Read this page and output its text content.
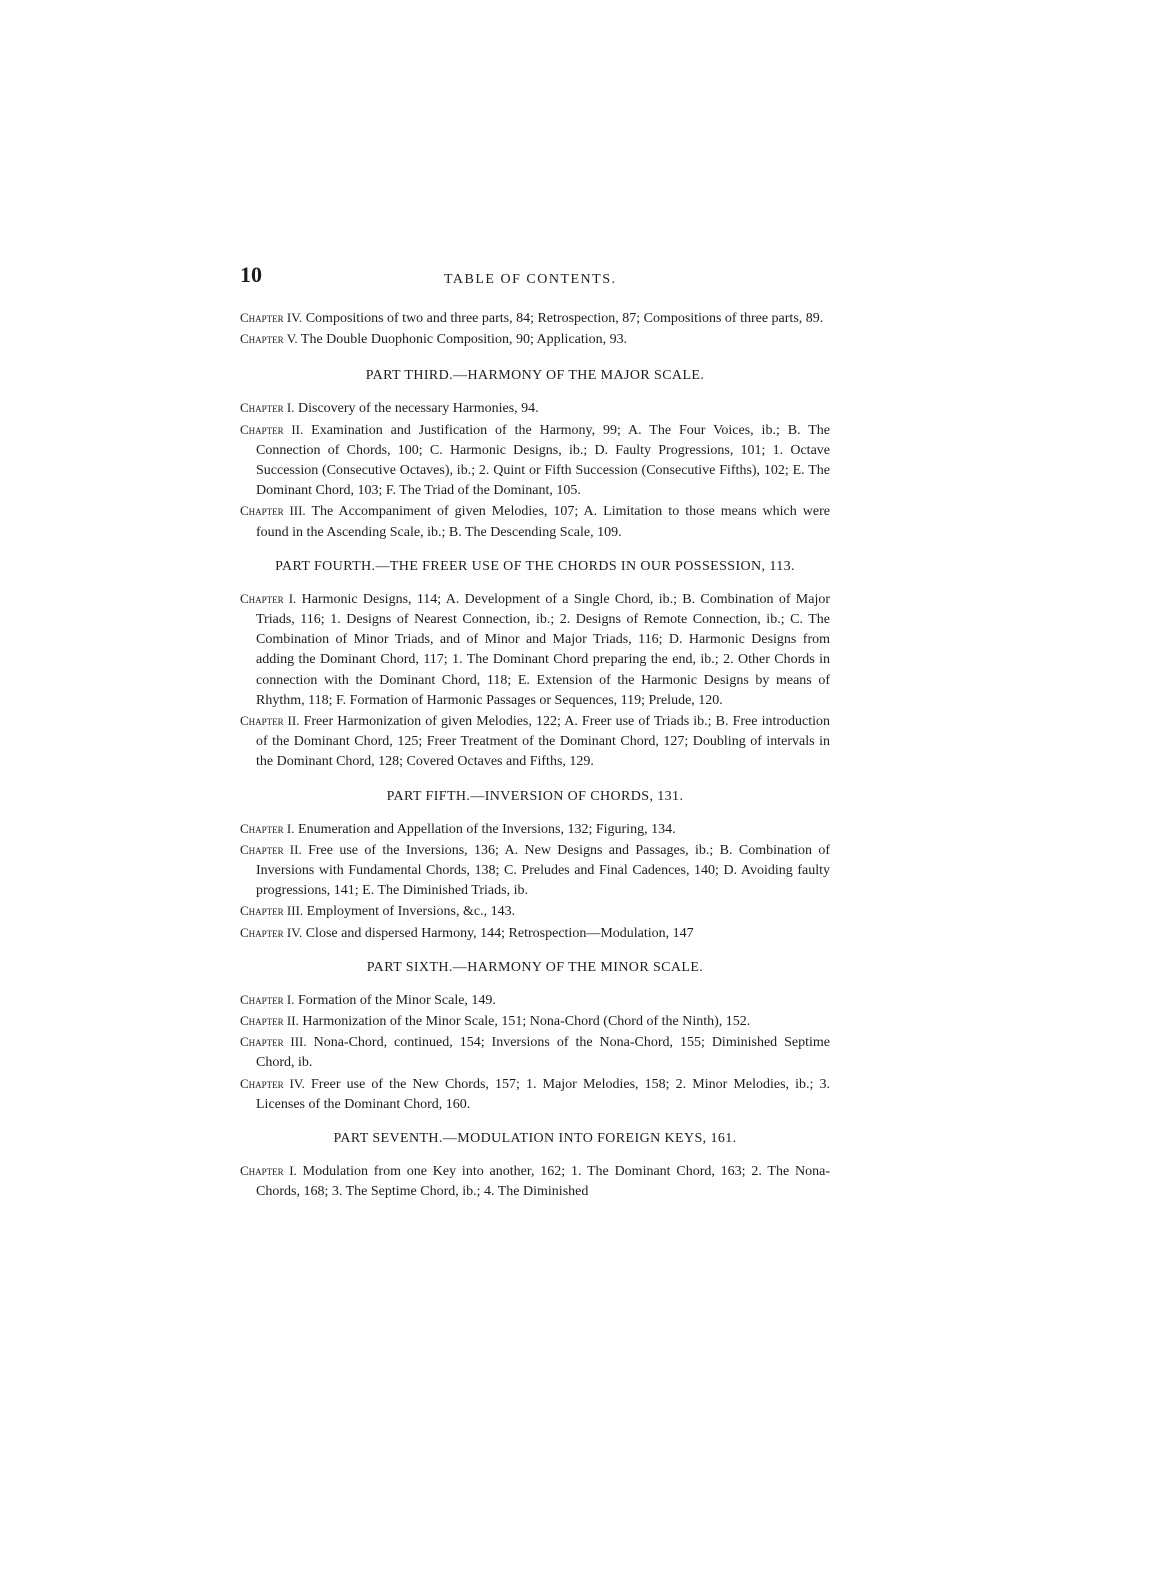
10	TABLE OF CONTENTS.
Chapter IV. Compositions of two and three parts, 84; Retrospection, 87; Compositions of three parts, 89.
Chapter V. The Double Duophonic Composition, 90; Application, 93.
PART THIRD.—HARMONY OF THE MAJOR SCALE.
Chapter I. Discovery of the necessary Harmonies, 94.
Chapter II. Examination and Justification of the Harmony, 99; A. The Four Voices, ib.; B. The Connection of Chords, 100; C. Harmonic Designs, ib.; D. Faulty Progressions, 101; 1. Octave Succession (Consecutive Octaves), ib.; 2. Quint or Fifth Succession (Consecutive Fifths), 102; E. The Dominant Chord, 103; F. The Triad of the Dominant, 105.
Chapter III. The Accompaniment of given Melodies, 107; A. Limitation to those means which were found in the Ascending Scale, ib.; B. The Descending Scale, 109.
PART FOURTH.—THE FREER USE OF THE CHORDS IN OUR POSSESSION, 113.
Chapter I. Harmonic Designs, 114; A. Development of a Single Chord, ib.; B. Combination of Major Triads, 116; 1. Designs of Nearest Connection, ib.; 2. Designs of Remote Connection, ib.; C. The Combination of Minor Triads, and of Minor and Major Triads, 116; D. Harmonic Designs from adding the Dominant Chord, 117; 1. The Dominant Chord preparing the end, ib.; 2. Other Chords in connection with the Dominant Chord, 118; E. Extension of the Harmonic Designs by means of Rhythm, 118; F. Formation of Harmonic Passages or Sequences, 119; Prelude, 120.
Chapter II. Freer Harmonization of given Melodies, 122; A. Freer use of Triads ib.; B. Free introduction of the Dominant Chord, 125; Freer Treatment of the Dominant Chord, 127; Doubling of intervals in the Dominant Chord, 128; Covered Octaves and Fifths, 129.
PART FIFTH.—INVERSION OF CHORDS, 131.
Chapter I. Enumeration and Appellation of the Inversions, 132; Figuring, 134.
Chapter II. Free use of the Inversions, 136; A. New Designs and Passages, ib.; B. Combination of Inversions with Fundamental Chords, 138; C. Preludes and Final Cadences, 140; D. Avoiding faulty progressions, 141; E. The Diminished Triads, ib.
Chapter III. Employment of Inversions, &c., 143.
Chapter IV. Close and dispersed Harmony, 144; Retrospection—Modulation, 147
PART SIXTH.—HARMONY OF THE MINOR SCALE.
Chapter I. Formation of the Minor Scale, 149.
Chapter II. Harmonization of the Minor Scale, 151; Nona-Chord (Chord of the Ninth), 152.
Chapter III. Nona-Chord, continued, 154; Inversions of the Nona-Chord, 155; Diminished Septime Chord, ib.
Chapter IV. Freer use of the New Chords, 157; 1. Major Melodies, 158; 2. Minor Melodies, ib.; 3. Licenses of the Dominant Chord, 160.
PART SEVENTH.—MODULATION INTO FOREIGN KEYS, 161.
Chapter I. Modulation from one Key into another, 162; 1. The Dominant Chord, 163; 2. The Nona-Chords, 168; 3. The Septime Chord, ib.; 4. The Diminished
